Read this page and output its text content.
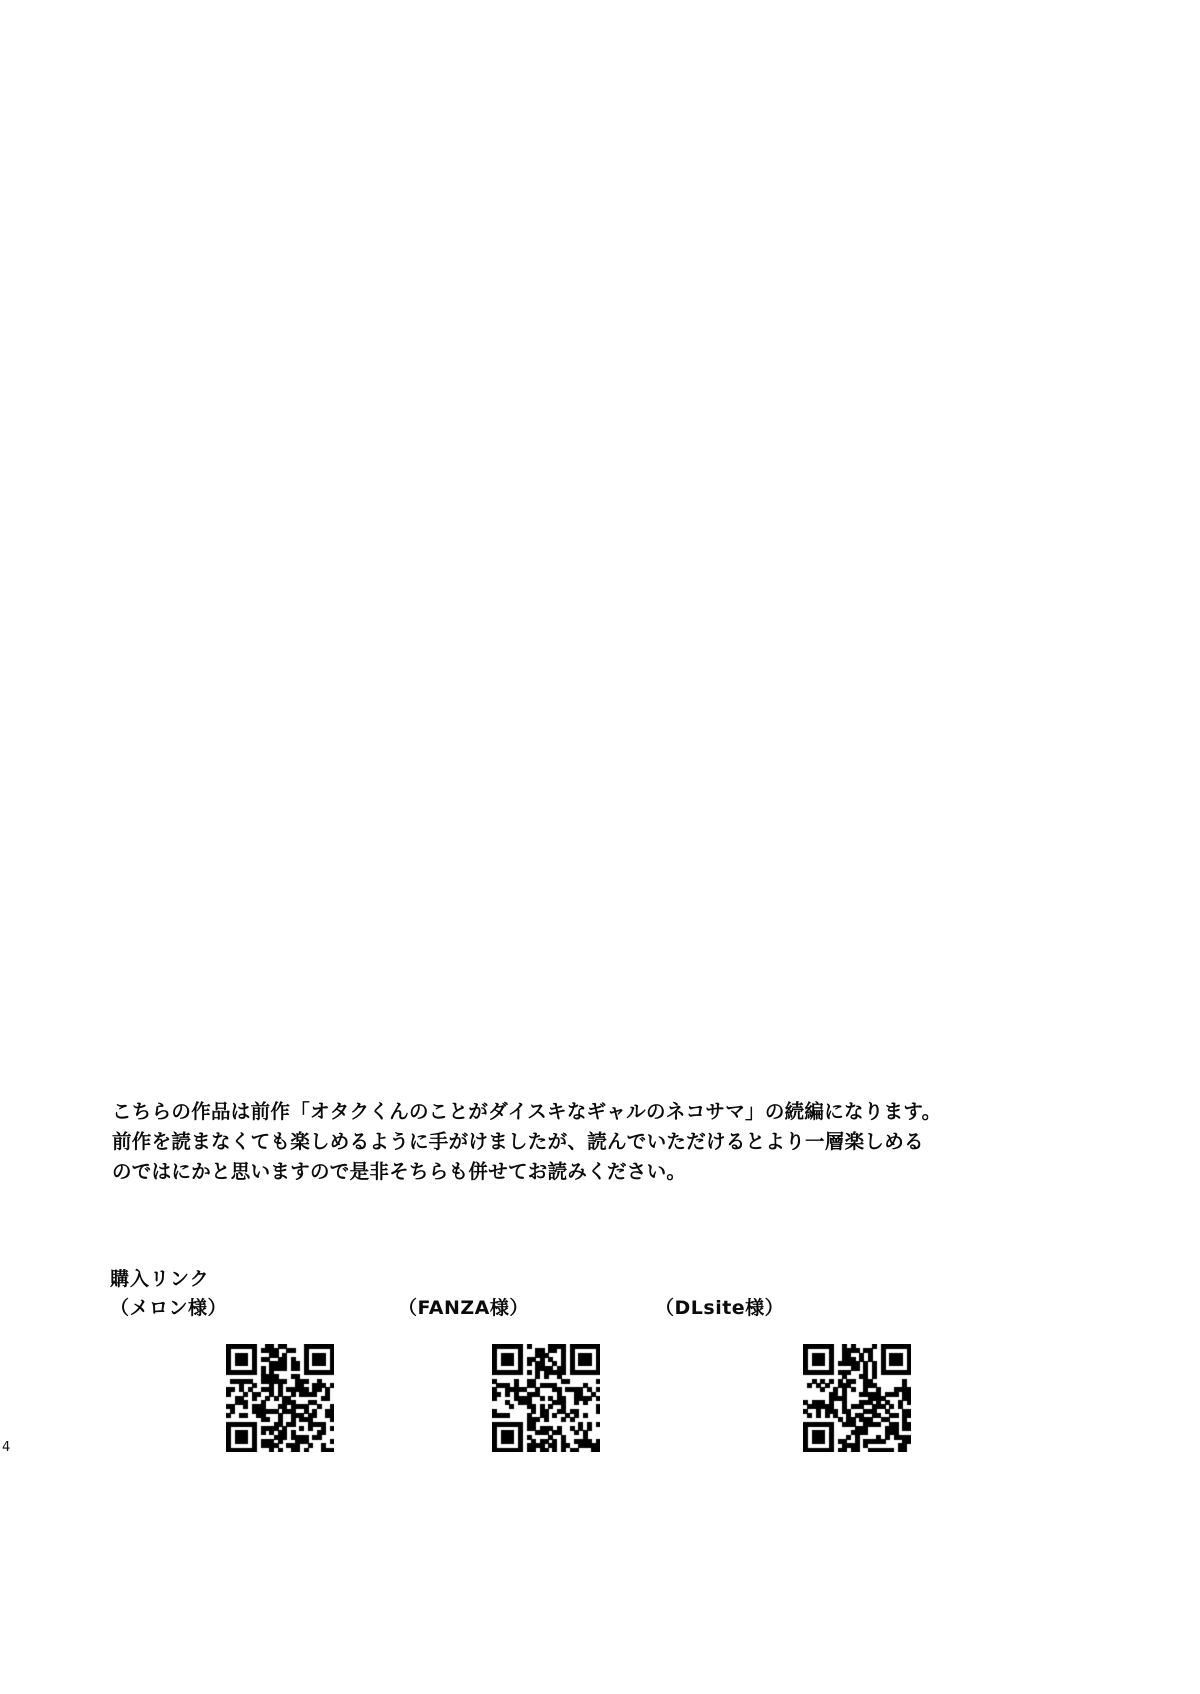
4
こちらの作品は前作「オタクくんのことがダイスキなギャルのネコサマ」の続編になります。
前作を読まなくても楽しめるように手がけましたが、読んでいただけるとより一層楽しめる
のではにかと思いますので是非そちらも併せてお読みください。
購入リンク
（メロン様）	（FANZA様）	（DLsite様）
